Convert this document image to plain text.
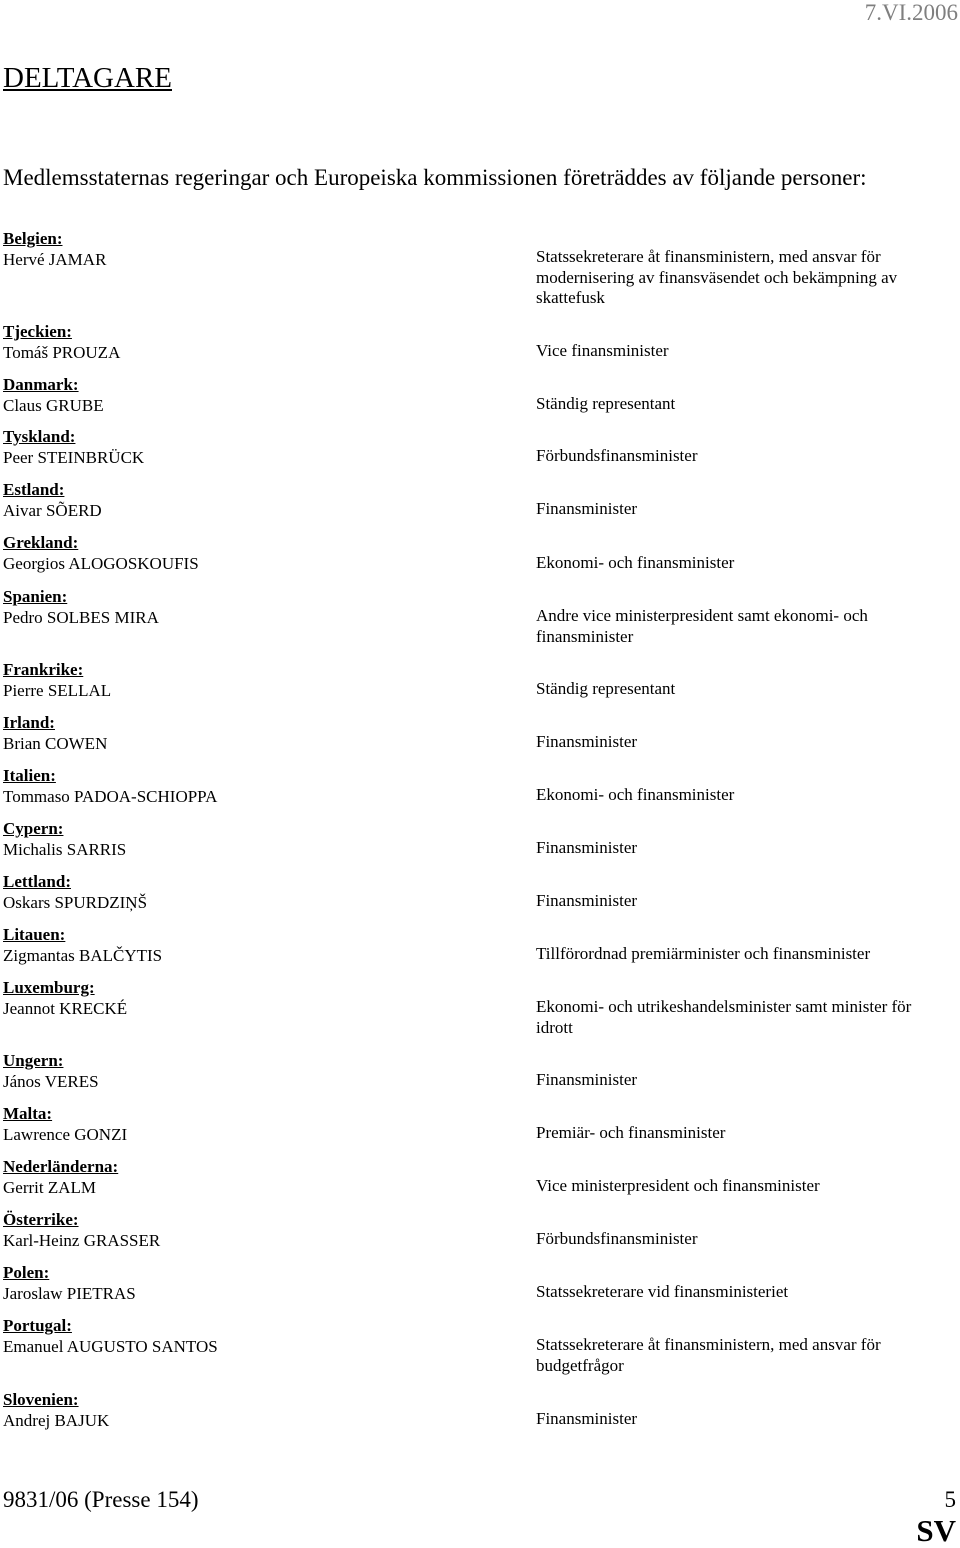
7.VI.2006
DELTAGARE

Medlemsstaternas regeringar och Europeiska kommissionen företräddes av följande personer:

Belgien:
Hervé JAMAR	Statssekreterare åt finansministern, med ansvar för modernisering av finansväsendet och bekämpning av skattefusk
Tjeckien:
Tomáš PROUZA	Vice finansminister
Danmark:
Claus GRUBE	Ständig representant
Tyskland:
Peer STEINBRÜCK	Förbundsfinansminister
Estland:
Aivar SÕERD	Finansminister
Grekland:
Georgios ALOGOSKOUFIS	Ekonomi- och finansminister
Spanien:
Pedro SOLBES MIRA	Andre vice ministerpresident samt ekonomi- och finansminister
Frankrike:
Pierre SELLAL	Ständig representant
Irland:
Brian COWEN	Finansminister
Italien:
Tommaso PADOA-SCHIOPPA	Ekonomi- och finansminister
Cypern:
Michalis SARRIS	Finansminister
Lettland:
Oskars SPURDZIŅŠ	Finansminister
Litauen:
Zigmantas BALČYTIS	Tillförordnad premiärminister och finansminister
Luxemburg:
Jeannot KRECKÉ	Ekonomi- och utrikeshandelsminister samt minister för idrott
Ungern:
János VERES	Finansminister
Malta:
Lawrence GONZI	Premiär- och finansminister
Nederländerna:
Gerrit ZALM	Vice ministerpresident och finansminister
Österrike:
Karl-Heinz GRASSER	Förbundsfinansminister
Polen:
Jaroslaw PIETRAS	Statssekreterare vid finansministeriet
Portugal:
Emanuel AUGUSTO SANTOS	Statssekreterare åt finansministern, med ansvar för budgetfrågor
Slovenien:
Andrej BAJUK	Finansminister
9831/06 (Presse 154)	5
SV
